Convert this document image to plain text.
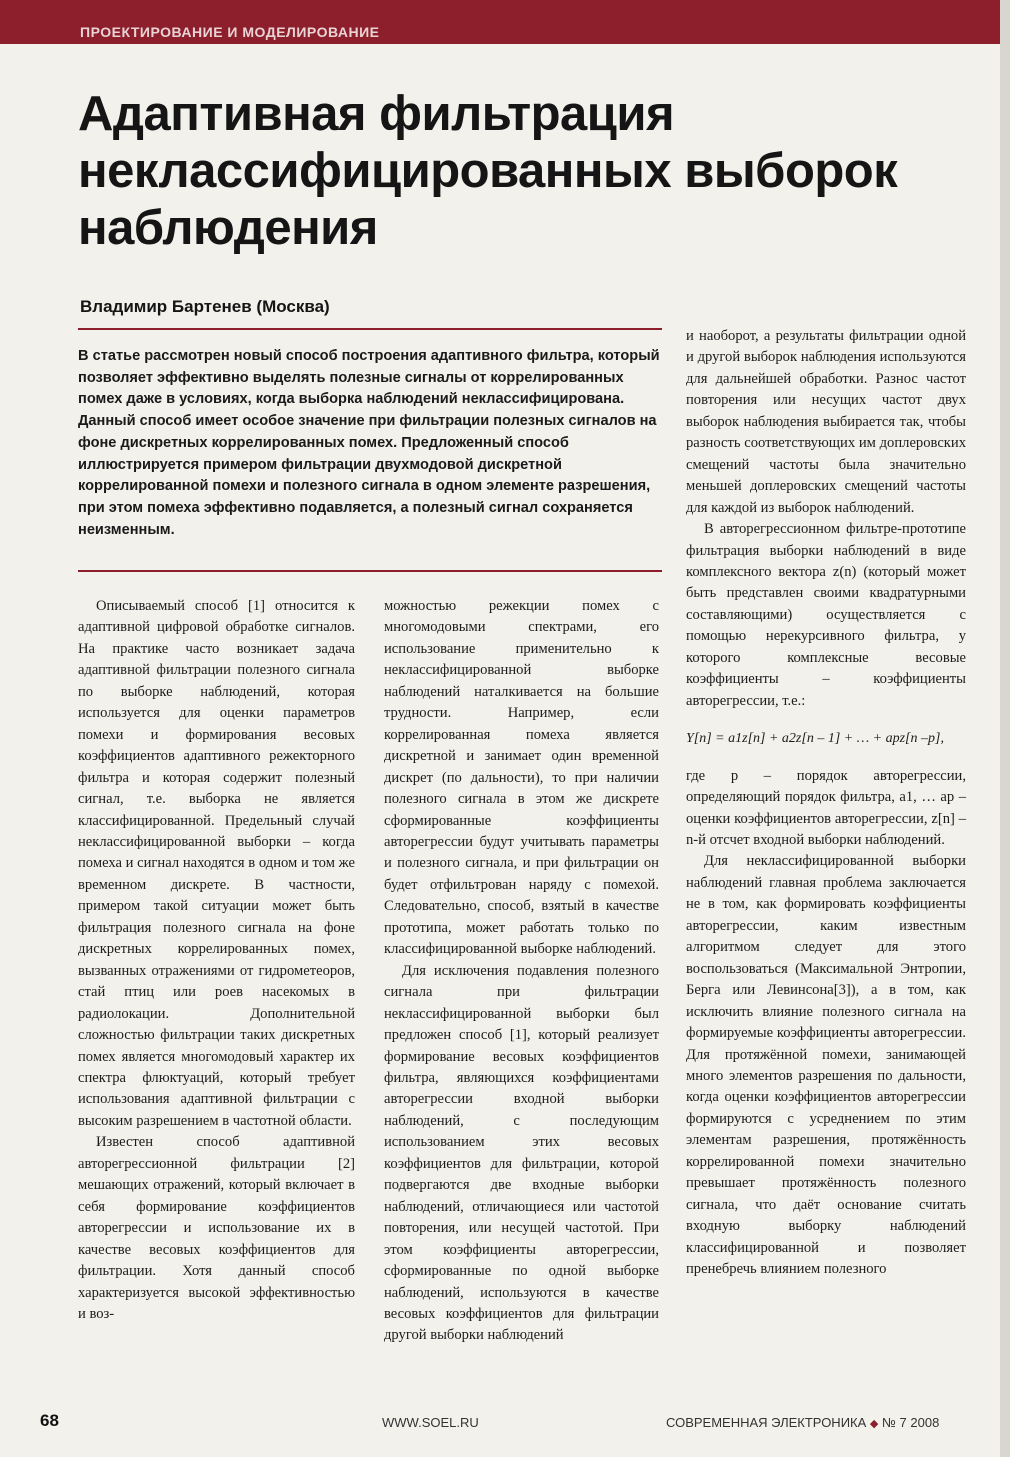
ПРОЕКТИРОВАНИЕ И МОДЕЛИРОВАНИЕ
Адаптивная фильтрация неклассифицированных выборок наблюдения
Владимир Бартенев (Москва)

В статье рассмотрен новый способ построения адаптивного фильтра, который позволяет эффективно выделять полезные сигналы от коррелированных помех даже в условиях, когда выборка наблюдений неклассифицирована. Данный способ имеет особое значение при фильтрации полезных сигналов на фоне дискретных коррелированных помех. Предложенный способ иллюстрируется примером фильтрации двухмодовой дискретной коррелированной помехи и полезного сигнала в одном элементе разрешения, при этом помеха эффективно подавляется, а полезный сигнал сохраняется неизменным.

Описываемый способ [1] относится к адаптивной цифровой обработке сигналов. На практике часто возникает задача адаптивной фильтрации полезного сигнала по выборке наблюдений, которая используется для оценки параметров помехи и формирования весовых коэффициентов адаптивного режекторного фильтра и которая содержит полезный сигнал, т.е. выборка не является классифицированной. Предельный случай неклассифицированной выборки – когда помеха и сигнал находятся в одном и том же временном дискрете. В частности, примером такой ситуации может быть фильтрация полезного сигнала на фоне дискретных коррелированных помех, вызванных отражениями от гидрометеоров, стай птиц или роев насекомых в радиолокации. Дополнительной сложностью фильтрации таких дискретных помех является многомодовый характер их спектра флюктуаций, который требует использования адаптивной фильтрации с высоким разрешением в частотной области.

Известен способ адаптивной авторегрессионной фильтрации [2] мешающих отражений, который включает в себя формирование коэффициентов авторегрессии и использование их в качестве весовых коэффициентов для фильтрации. Хотя данный способ характеризуется высокой эффективностью и воз-

можностью режекции помех с многомодовыми спектрами, его использование применительно к неклассифицированной выборке наблюдений наталкивается на большие трудности. Например, если коррелированная помеха является дискретной и занимает один временной дискрет (по дальности), то при наличии полезного сигнала в этом же дискрете сформированные коэффициенты авторегрессии будут учитывать параметры и полезного сигнала, и при фильтрации он будет отфильтрован наряду с помехой. Следовательно, способ, взятый в качестве прототипа, может работать только по классифицированной выборке наблюдений.

Для исключения подавления полезного сигнала при фильтрации неклассифицированной выборки был предложен способ [1], который реализует формирование весовых коэффициентов фильтра, являющихся коэффициентами авторегрессии входной выборки наблюдений, с последующим использованием этих весовых коэффициентов для фильтрации, которой подвергаются две входные выборки наблюдений, отличающиеся или частотой повторения, или несущей частотой. При этом коэффициенты авторегрессии, сформированные по одной выборке наблюдений, используются в качестве весовых коэффициентов для фильтрации другой выборки наблюдений

и наоборот, а результаты фильтрации одной и другой выборок наблюдения используются для дальнейшей обработки. Разнос частот повторения или несущих частот двух выборок наблюдения выбирается так, чтобы разность соответствующих им доплеровских смещений частоты была значительно меньшей доплеровских смещений частоты для каждой из выборок наблюдений.

В авторегрессионном фильтре-прототипе фильтрация выборки наблюдений в виде комплексного вектора z(n) (который может быть представлен своими квадратурными составляющими) осуществляется с помощью нерекурсивного фильтра, у которого комплексные весовые коэффициенты – коэффициенты авторегрессии, т.е.:

Y[n] = a1z[n] + a2z[n – 1] + … + apz[n –p],

где p – порядок авторегрессии, определяющий порядок фильтра, a1, … ap – оценки коэффициентов авторегрессии, z[n] – n-й отсчет входной выборки наблюдений.

Для неклассифицированной выборки наблюдений главная проблема заключается не в том, как формировать коэффициенты авторегрессии, каким известным алгоритмом следует для этого воспользоваться (Максимальной Энтропии, Берга или Левинсона[3]), а в том, как исключить влияние полезного сигнала на формируемые коэффициенты авторегрессии. Для протяжённой помехи, занимающей много элементов разрешения по дальности, когда оценки коэффициентов авторегрессии формируются с усреднением по этим элементам разрешения, протяжённость коррелированной помехи значительно превышает протяжённость полезного сигнала, что даёт основание считать входную выборку наблюдений классифицированной и позволяет пренебречь влиянием полезного

68	WWW.SOEL.RU	СОВРЕМЕННАЯ ЭЛЕКТРОНИКА ◆ № 7 2008
